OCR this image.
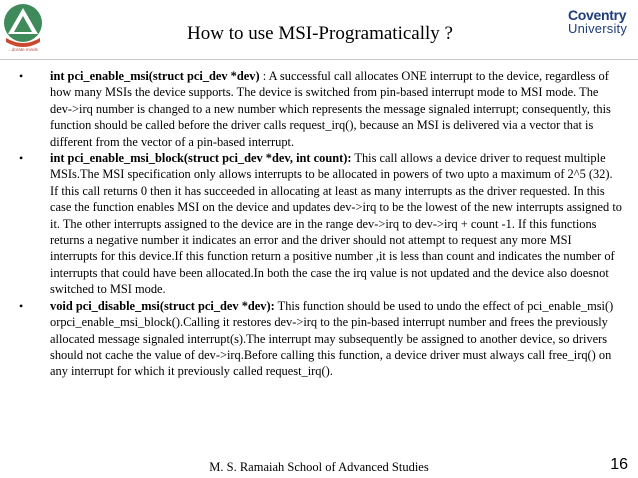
...dorate minds
How to use MSI-Programatically ?
Coventry
University
• int pci_enable_msi(struct pci_dev *dev) : A successful call allocates ONE interrupt to the device, regardless of how many MSIs the device supports. The device is switched from pin-based interrupt mode to MSI mode. The dev->irq number is changed to a new number which represents the message signaled interrupt; consequently, this function should be called before the driver calls request_irq(), because an MSI is delivered via a vector that is different from the vector of a pin-based interrupt.
• int pci_enable_msi_block(struct pci_dev *dev, int count): This call allows a device driver to request multiple MSIs.The MSI specification only allows interrupts to be allocated in powers of two upto a maximum of 2^5 (32). If this call returns 0 then it has succeeded in allocating at least as many interrupts as the driver requested. In this case the function enables MSI on the device and updates dev->irq to be the lowest of the new interrupts assigned to it. The other interrupts assigned to the device are in the range dev->irq to dev->irq + count -1. If this functions returns a negative number it indicates an error and the driver should not attempt to request any more MSI interrupts for this device.If this function return a positive number ,it is less than count and indicates the number of interrupts that could have been allocated.In both the case the irq value is not updated and the device also doesnot switched to MSI mode.
• void pci_disable_msi(struct pci_dev *dev): This function should be used to undo the effect of pci_enable_msi() orpci_enable_msi_block().Calling it restores dev->irq to the pin-based interrupt number and frees the previously allocated message signaled interrupt(s).The interrupt may subsequently be assigned to another device, so drivers should not cache the value of dev->irq.Before calling this function, a device driver must always call free_irq() on any interrupt for which it previously called request_irq().
M. S. Ramaiah School of Advanced Studies	16
